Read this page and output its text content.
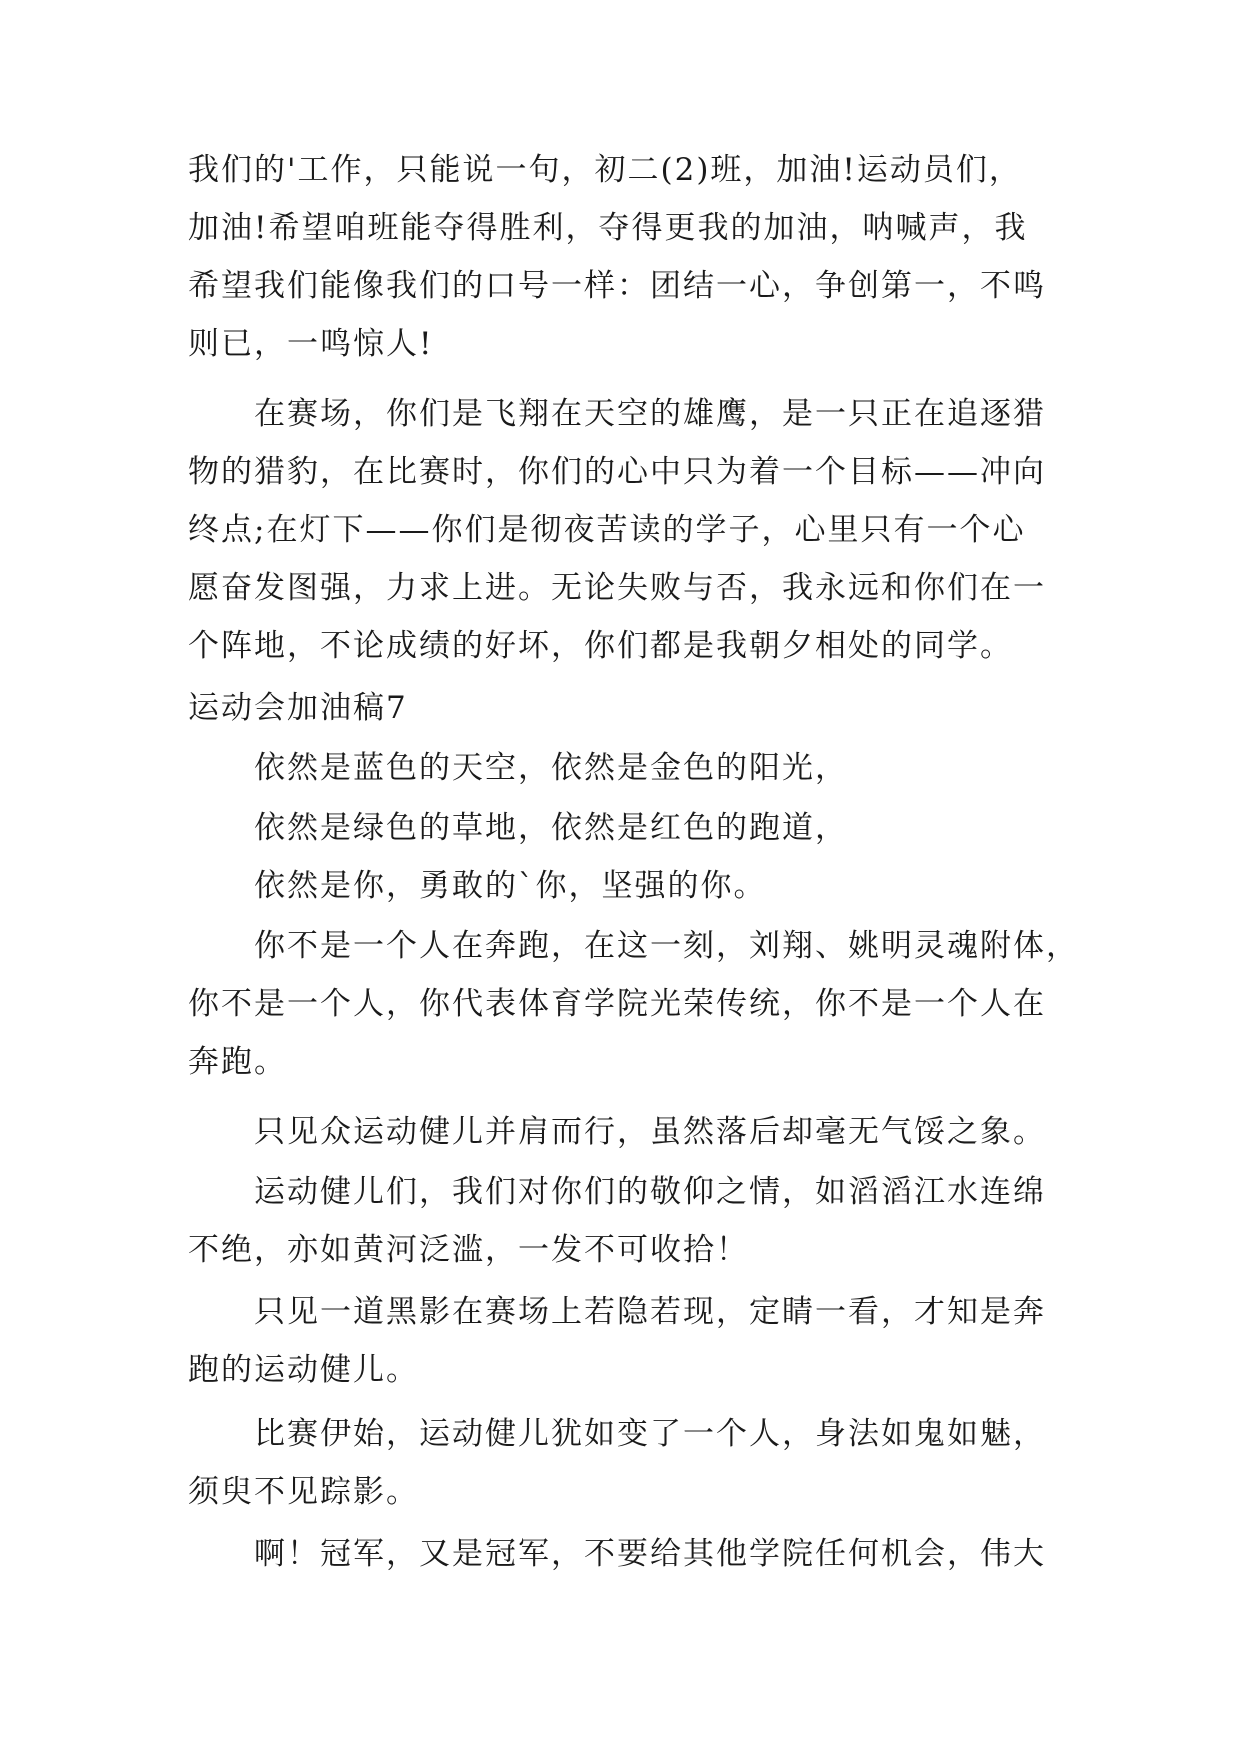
我们的'工作，只能说一句，初二(2)班，加油!运动员们，
加油!希望咱班能夺得胜利，夺得更我的加油，呐喊声，我
希望我们能像我们的口号一样：团结一心，争创第一，不鸣
则已，一鸣惊人!
在赛场，你们是飞翔在天空的雄鹰，是一只正在追逐猎
物的猎豹，在比赛时，你们的心中只为着一个目标——冲向
终点;在灯下——你们是彻夜苦读的学子，心里只有一个心
愿奋发图强，力求上进。无论失败与否，我永远和你们在一
个阵地，不论成绩的好坏，你们都是我朝夕相处的同学。
运动会加油稿7
依然是蓝色的天空，依然是金色的阳光，
依然是绿色的草地，依然是红色的跑道，
依然是你，勇敢的`你，坚强的你。
你不是一个人在奔跑，在这一刻，刘翔、姚明灵魂附体，
你不是一个人，你代表体育学院光荣传统，你不是一个人在
奔跑。
只见众运动健儿并肩而行，虽然落后却毫无气馁之象。
运动健儿们，我们对你们的敬仰之情，如滔滔江水连绵
不绝，亦如黄河泛滥，一发不可收拾！
只见一道黑影在赛场上若隐若现，定睛一看，才知是奔
跑的运动健儿。
比赛伊始，运动健儿犹如变了一个人，身法如鬼如魅，
须臾不见踪影。
啊！冠军，又是冠军，不要给其他学院任何机会，伟大
